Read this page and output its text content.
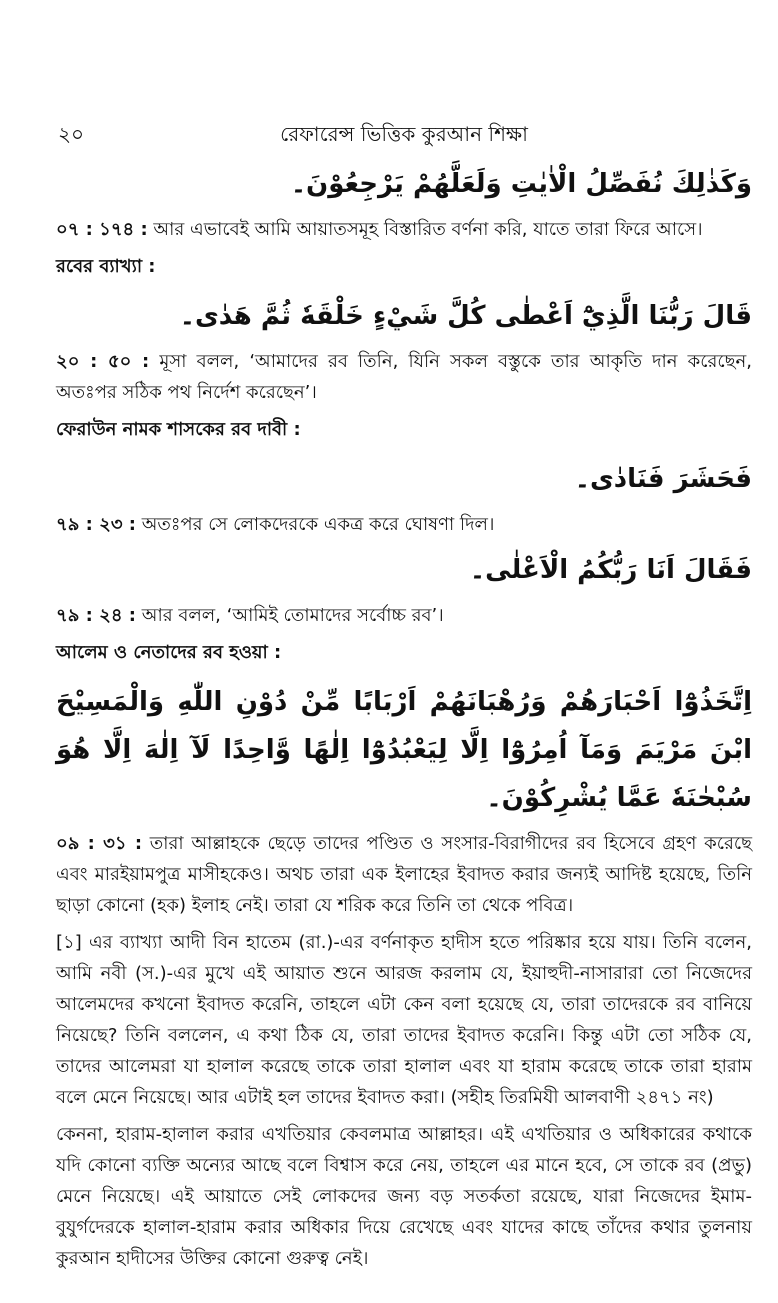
২০	রেফারেন্স ভিত্তিক কুরআন শিক্ষা
وَكَذٰلِكَ نُفَصِّلُ الْاٰيٰتِ وَلَعَلَّهُمْ يَرْجِعُوْنَ۔

০৭ : ১৭৪ : আর এভাবেই আমি আয়াতসমূহ বিস্তারিত বর্ণনা করি, যাতে তারা ফিরে আসে।

রবের ব্যাখ্যা :
قَالَ رَبُّنَا الَّذِيْٓ اَعْطٰى كُلَّ شَيْءٍ خَلْقَهٗ ثُمَّ هَدٰى۔

২০ : ৫০ : মূসা বলল, ‘আমাদের রব তিনি, যিনি সকল বস্তুকে তার আকৃতি দান করেছেন, অতঃপর সঠিক পথ নির্দেশ করেছেন’।

ফেরাউন নামক শাসকের রব দাবী :
فَحَشَرَ فَنَادٰى۔

৭৯ : ২৩ : অতঃপর সে লোকদেরকে একত্র করে ঘোষণা দিল।

فَقَالَ اَنَا رَبُّكُمُ الْاَعْلٰى۔

৭৯ : ২৪ : আর বলল, ‘আমিই তোমাদের সর্বোচ্চ রব’।

আলেম ও নেতাদের রব হওয়া :
اِتَّخَذُوْٓا اَحْبَارَهُمْ وَرُهْبَانَهُمْ اَرْبَابًا مِّنْ دُوْنِ اللّٰهِ وَالْمَسِيْحَ ابْنَ مَرْيَمَ وَمَآ اُمِرُوْٓا اِلَّا لِيَعْبُدُوْٓا اِلٰهًا وَّاحِدًا لَآ اِلٰهَ اِلَّا هُوَ سُبْحٰنَهٗ عَمَّا يُشْرِكُوْنَ۔

০৯ : ৩১ : তারা আল্লাহকে ছেড়ে তাদের পণ্ডিত ও সংসার-বিরাগীদের রব হিসেবে গ্রহণ করেছে এবং মারইয়ামপুত্র মাসীহকেও। অথচ তারা এক ইলাহের ইবাদত করার জন্যই আদিষ্ট হয়েছে, তিনি ছাড়া কোনো (হক) ইলাহ নেই। তারা যে শরিক করে তিনি তা থেকে পবিত্র।

[১] এর ব্যাখ্যা আদী বিন হাতেম (রা.)-এর বর্ণনাকৃত হাদীস হতে পরিষ্কার হয়ে যায়। তিনি বলেন, আমি নবী (স.)-এর মুখে এই আয়াত শুনে আরজ করলাম যে, ইয়াহুদী-নাসারারা তো নিজেদের আলেমদের কখনো ইবাদত করেনি, তাহলে এটা কেন বলা হয়েছে যে, তারা তাদেরকে রব বানিয়ে নিয়েছে? তিনি বললেন, এ কথা ঠিক যে, তারা তাদের ইবাদত করেনি। কিন্তু এটা তো সঠিক যে, তাদের আলেমরা যা হালাল করেছে তাকে তারা হালাল এবং যা হারাম করেছে তাকে তারা হারাম বলে মেনে নিয়েছে। আর এটাই হল তাদের ইবাদত করা। (সহীহ তিরমিযী আলবাণী ২৪৭১ নং)

কেননা, হারাম-হালাল করার এখতিয়ার কেবলমাত্র আল্লাহর। এই এখতিয়ার ও অধিকারের কথাকে যদি কোনো ব্যক্তি অন্যের আছে বলে বিশ্বাস করে নেয়, তাহলে এর মানে হবে, সে তাকে রব (প্রভু) মেনে নিয়েছে। এই আয়াতে সেই লোকদের জন্য বড় সতর্কতা রয়েছে, যারা নিজেদের ইমাম-বুযুর্গদেরকে হালাল-হারাম করার অধিকার দিয়ে রেখেছে এবং যাদের কাছে তাঁদের কথার তুলনায় কুরআন হাদীসের উক্তির কোনো গুরুত্ব নেই।
